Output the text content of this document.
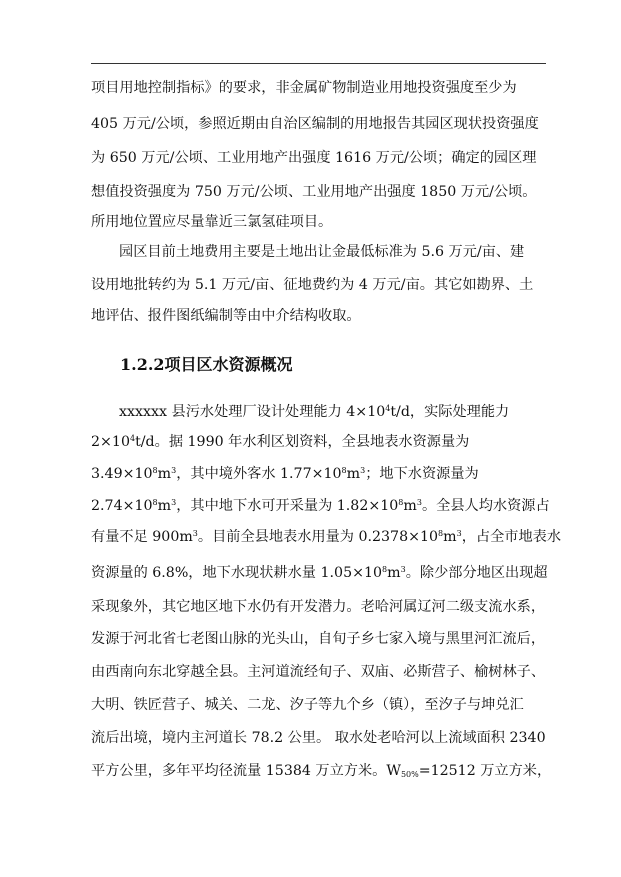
项目用地控制指标》的要求，非金属矿物制造业用地投资强度至少为
405 万元/公顷，参照近期由自治区编制的用地报告其园区现状投资强度
为 650 万元/公顷、工业用地产出强度 1616 万元/公顷；确定的园区理
想值投资强度为 750 万元/公顷、工业用地产出强度 1850 万元/公顷。
所用地位置应尽量靠近三氯氢硅项目。
园区目前土地费用主要是土地出让金最低标准为 5.6 万元/亩、建
设用地批转约为 5.1 万元/亩、征地费约为 4 万元/亩。其它如勘界、土
地评估、报件图纸编制等由中介结构收取。
1.2.2项目区水资源概况
xxxxxx 县污水处理厂设计处理能力 $4\times 10^4t/d$，实际处理能力
$2\times 10^4t/d$。据 1990 年水利区划资料，全县地表水资源量为
$3.49\times 10^8m^3$，其中境外客水 $1.77\times 10^8m^3$；地下水资源量为
$2.74\times 10^8m^3$，其中地下水可开采量为 $1.82\times 10^8m^3$。全县人均水资源占
有量不足 $900m^3$。目前全县地表水用量为 $0.2378\times 10^8m^3$，占全市地表水
资源量的 6.8%，地下水现状耕水量 $1.05\times 10^8m^3$。除少部分地区出现超
采现象外，其它地区地下水仍有开发潜力。老哈河属辽河二级支流水系，
发源于河北省七老图山脉的光头山，自旬子乡七家入境与黑里河汇流后，
由西南向东北穿越全县。主河道流经旬子、双庙、必斯营子、榆树林子、
大明、铁匠营子、城关、二龙、汐子等九个乡（镇），至汐子与坤兑汇
流后出境，境内主河道长 78.2 公里。 取水处老哈河以上流域面积 2340
平方公里，多年平均径流量 15384 万立方米。$W_{50\%}=12512$ 万立方米，
